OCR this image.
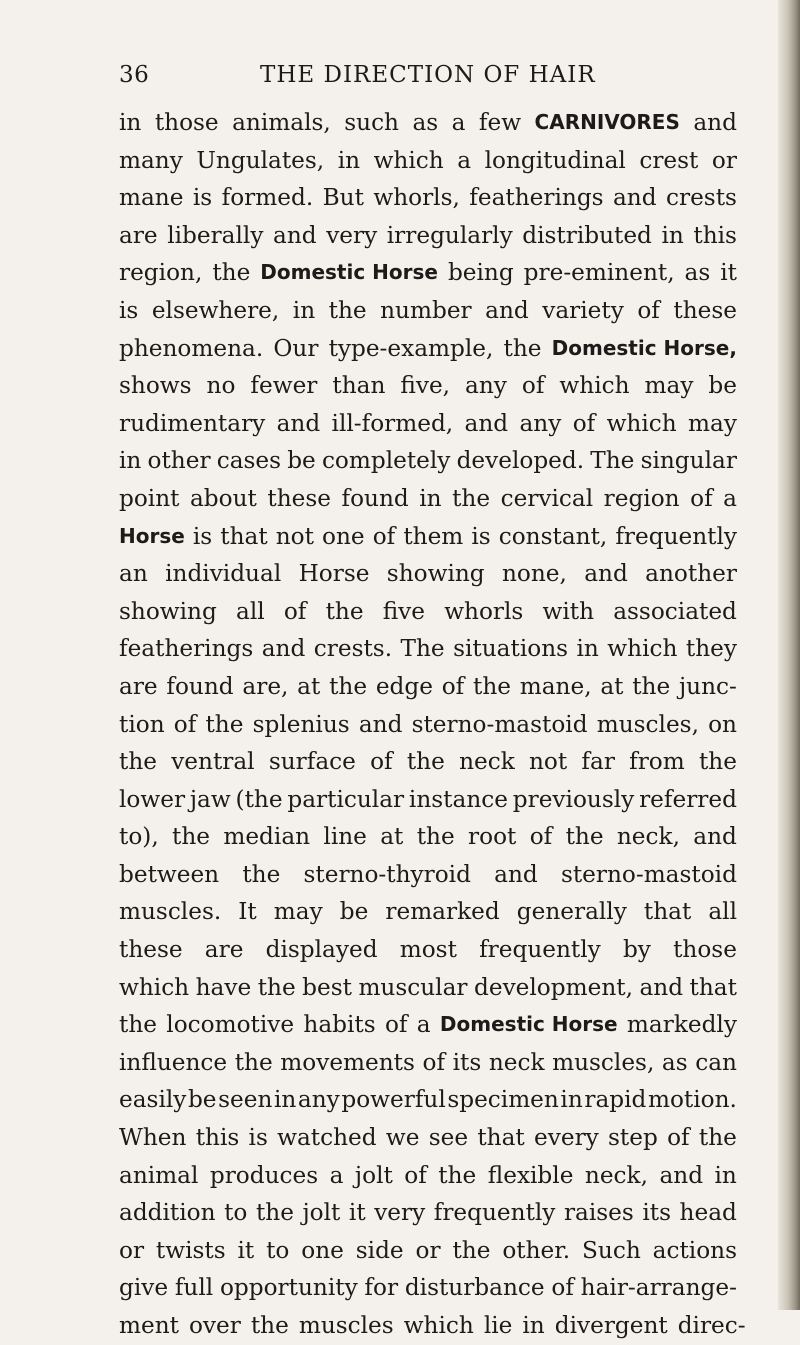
36	THE DIRECTION OF HAIR
in those animals, such as a few CARNIVORES and
many Ungulates, in which a longitudinal crest or
mane is formed. But whorls, featherings and crests
are liberally and very irregularly distributed in this
region, the Domestic Horse being pre-eminent, as it
is elsewhere, in the number and variety of these
phenomena. Our type-example, the Domestic Horse,
shows no fewer than five, any of which may be
rudimentary and ill-formed, and any of which may
in other cases be completely developed. The singular
point about these found in the cervical region of a
Horse is that not one of them is constant, frequently
an individual Horse showing none, and another
showing all of the five whorls with associated
featherings and crests. The situations in which they
are found are, at the edge of the mane, at the junc-
tion of the splenius and sterno-mastoid muscles, on
the ventral surface of the neck not far from the
lower jaw (the particular instance previously referred
to), the median line at the root of the neck, and
between the sterno-thyroid and sterno-mastoid
muscles. It may be remarked generally that all
these are displayed most frequently by those
which have the best muscular development, and that
the locomotive habits of a Domestic Horse markedly
influence the movements of its neck muscles, as can
easily be seen in any powerful specimen in rapid motion.
When this is watched we see that every step of the
animal produces a jolt of the flexible neck, and in
addition to the jolt it very frequently raises its head
or twists it to one side or the other. Such actions
give full opportunity for disturbance of hair-arrange-
ment over the muscles which lie in divergent direc-
